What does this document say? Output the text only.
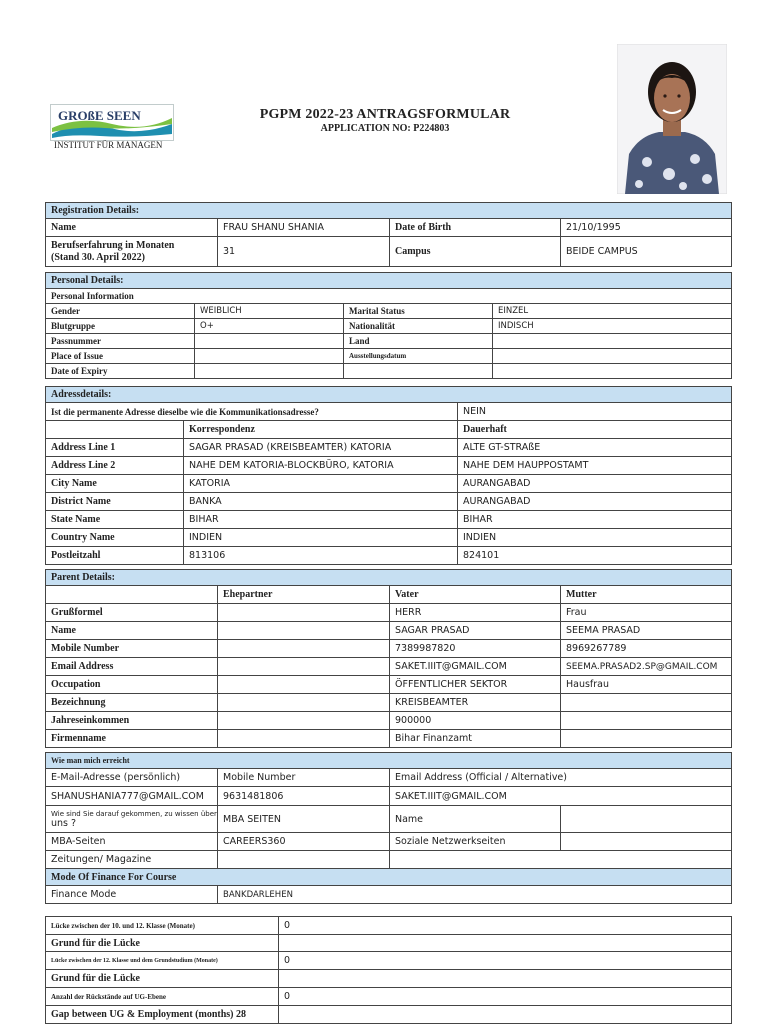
GROßE SEEN
INSTITUT FÜR MANAGEN
PGPM 2022-23 ANTRAGSFORMULAR
APPLICATION NO: P224803
Registration Details:			
Name	FRAU SHANU SHANIA	Date of Birth	21/10/1995
Berufserfahrung in Monaten
(Stand 30. April 2022)	31	Campus	BEIDE CAMPUS
Personal Details:			
Personal Information			
Gender	WEIBLICH	Marital Status	EINZEL
Blutgruppe	O+	Nationalität	INDISCH
Passnummer		Land	
Place of Issue		Ausstellungsdatum	
Date of Expiry			
Adressdetails:		
Ist die permanente Adresse dieselbe wie die Kommunikationsadresse?		NEIN
	Korrespondenz	Dauerhaft
Address Line 1	SAGAR PRASAD (KREISBEAMTER) KATORIA	ALTE GT-STRAßE
Address Line 2	NAHE DEM KATORIA-BLOCKBÜRO, KATORIA	NAHE DEM HAUPPOSTAMT
City Name	KATORIA	AURANGABAD
District Name	BANKA	AURANGABAD
State Name	BIHAR	BIHAR
Country Name	INDIEN	INDIEN
Postleitzahl	813106	824101
Parent Details:			
	Ehepartner	Vater	Mutter
Grußformel		HERR	Frau
Name		SAGAR PRASAD	SEEMA PRASAD
Mobile Number		7389987820	8969267789
Email Address		SAKET.IIIT@GMAIL.COM	SEEMA.PRASAD2.SP@GMAIL.COM
Occupation		ÖFFENTLICHER SEKTOR	Hausfrau
Bezeichnung		KREISBEAMTER	
Jahreseinkommen		900000	
Firmenname		Bihar Finanzamt	
Wie man mich erreicht			
E-Mail-Adresse (persönlich)	Mobile Number	Email Address (Official / Alternative)	
SHANUSHANIA777@GMAIL.COM	9631481806	SAKET.IIIT@GMAIL.COM	
Wie sind Sie darauf gekommen, zu wissen über
uns ?	MBA SEITEN	Name	
MBA-Seiten	CAREERS360	Soziale Netzwerkseiten	
Zeitungen/ Magazine			
Mode Of Finance For Course			
Finance Mode	BANKDARLEHEN		
Lücke zwischen der 10. und 12. Klasse (Monate)	0
Grund für die Lücke	
Lücke zwischen der 12. Klasse und dem Grundstudium (Monate)	0
Grund für die Lücke	
Anzahl der Rückstände auf UG-Ebene	0
Gap between UG & Employment (months) 28	
